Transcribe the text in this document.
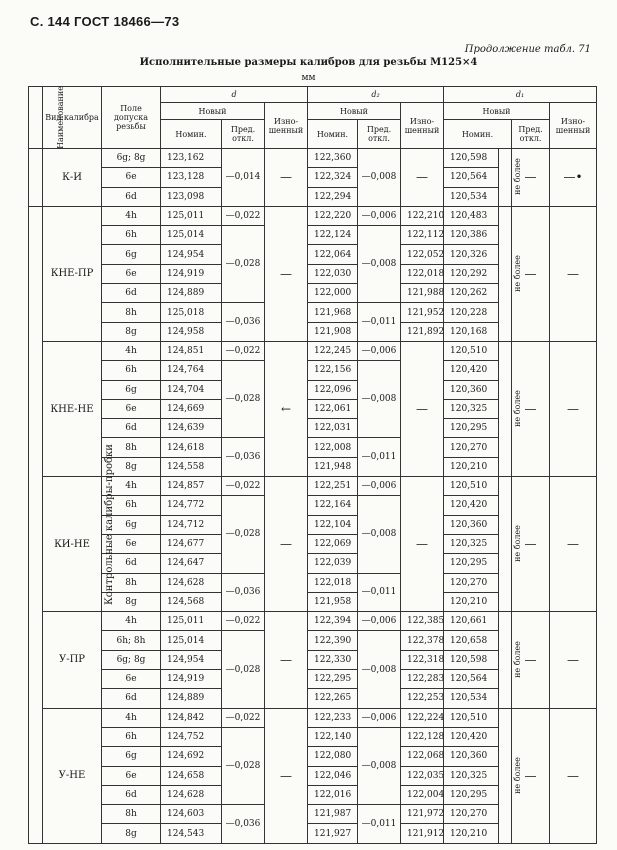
С. 144 ГОСТ 18466—73
Продолжение табл. 71
Исполнительные размеры калибров для резьбы М125×4
мм
Наименование	Вид калибра	Поле допуска резьбы	d			d₂			d₁			
			Новый		Изно-шенный	Новый		Изно-шенный	Новый			Изно-шенный
			Номин.	Пред. откл.		Номин.	Пред. откл.		Номин.		Пред. откл.	
	К-И	6g; 8g	123,162	—0,014	—	122,360	—0,008	—	120,598	не более	—	—•
		6e	123,128			122,324			120,564			
		6d	123,098			122,294			120,534			
Контрольные калибры-пробки	КНЕ-ПР	4h	125,011	—0,022	—	122,220	—0,006	122,210	120,483	не более	—	—
		6h	125,014	—0,028		122,124	—0,008	122,112	120,386			
		6g	124,954			122,064		122,052	120,326			
		6e	124,919			122,030		122,018	120,292			
		6d	124,889			122,000		121,988	120,262			
		8h	125,018	—0,036		121,968	—0,011	121,952	120,228			
		8g	124,958			121,908		121,892	120,168			
	КНЕ-НЕ	4h	124,851	—0,022	←	122,245	—0,006	—	120,510	не более	—	—
		6h	124,764	—0,028		122,156	—0,008		120,420			
		6g	124,704			122,096			120,360			
		6e	124,669			122,061			120,325			
		6d	124,639			122,031			120,295			
		8h	124,618	—0,036		122,008	—0,011		120,270			
		8g	124,558			121,948			120,210			
	КИ-НЕ	4h	124,857	—0,022	—	122,251	—0,006	—	120,510	не более	—	—
		6h	124,772	—0,028		122,164	—0,008		120,420			
		6g	124,712			122,104			120,360			
		6e	124,677			122,069			120,325			
		6d	124,647			122,039			120,295			
		8h	124,628	—0,036		122,018	—0,011		120,270			
		8g	124,568			121,958			120,210			
	У-ПР	4h	125,011	—0,022	—	122,394	—0,006	122,385	120,661	не более	—	—
		6h; 8h	125,014	—0,028		122,390	—0,008	122,378	120,658			
		6g; 8g	124,954			122,330		122,318	120,598			
		6e	124,919			122,295		122,283	120,564			
		6d	124,889			122,265		122,253	120,534			
	У-НЕ	4h	124,842	—0,022	—	122,233	—0,006	122,224	120,510	не более	—	—
		6h	124,752	—0,028		122,140	—0,008	122,128	120,420			
		6g	124,692			122,080		122,068	120,360			
		6e	124,658			122,046		122,035	120,325			
		6d	124,628			122,016		122,004	120,295			
		8h	124,603	—0,036		121,987	—0,011	121,972	120,270			
		8g	124,543			121,927		121,912	120,210			
